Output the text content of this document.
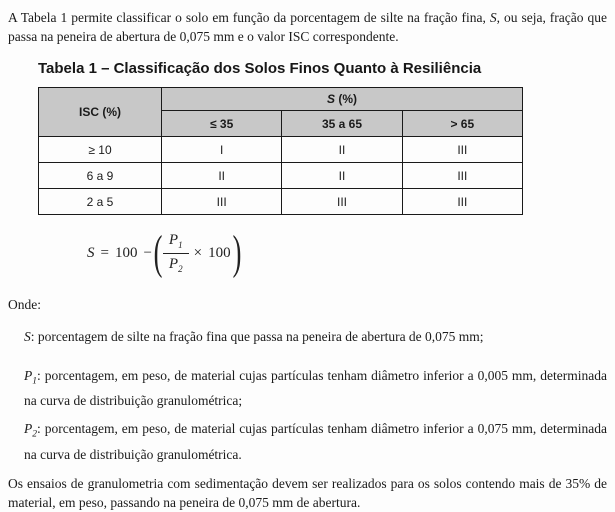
A Tabela 1 permite classificar o solo em função da porcentagem de silte na fração fina, S, ou seja, fração que passa na peneira de abertura de 0,075 mm e o valor ISC correspondente.

Tabela 1 – Classificação dos Solos Finos Quanto à Resiliência
ISC (%)	S (%)		
	≤ 35	35 a 65	> 65
≥ 10	I	II	III
6 a 9	II	II	III
2 a 5	III	III	III
S = 100 − ( $\frac{P_1}{P_2} \times 100$ )

Onde:

S: porcentagem de silte na fração fina que passa na peneira de abertura de 0,075 mm;

$P_1$: porcentagem, em peso, de material cujas partículas tenham diâmetro inferior a 0,005 mm, determinada na curva de distribuição granulométrica;

$P_2$: porcentagem, em peso, de material cujas partículas tenham diâmetro inferior a 0,075 mm, determinada na curva de distribuição granulométrica.

Os ensaios de granulometria com sedimentação devem ser realizados para os solos contendo mais de 35% de material, em peso, passando na peneira de 0,075 mm de abertura.
